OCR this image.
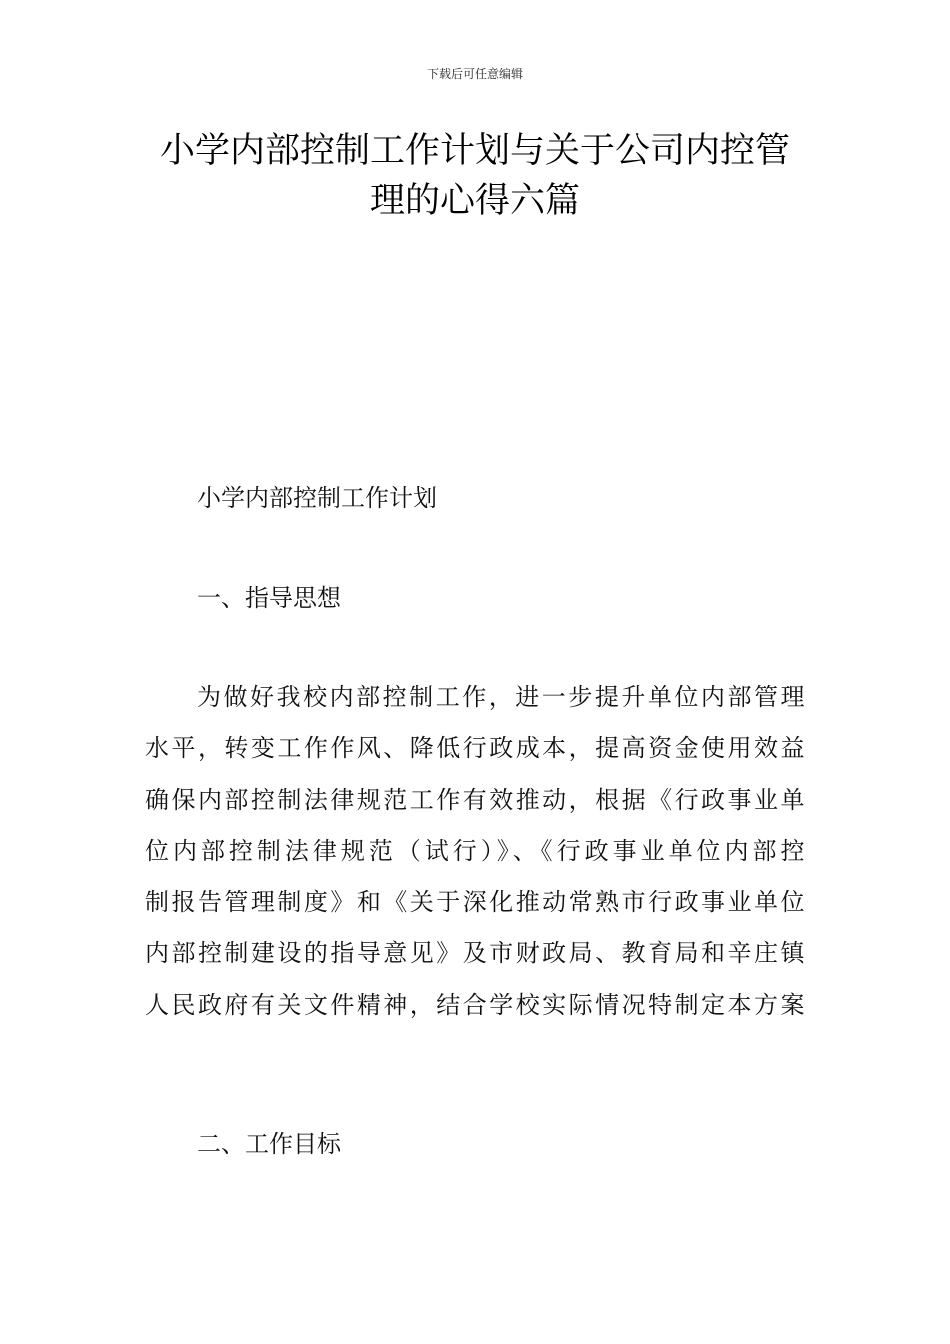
下载后可任意编辑
小学内部控制工作计划与关于公司内控管
理的心得六篇

小学内部控制工作计划

一、指导思想

为做好我校内部控制工作，进一步提升单位内部管理
水平，转变工作作风、降低行政成本，提高资金使用效益
确保内部控制法律规范工作有效推动，根据《行政事业单
位内部控制法律规范（试行）》、《行政事业单位内部控
制报告管理制度》和《关于深化推动常熟市行政事业单位
内部控制建设的指导意见》及市财政局、教育局和辛庄镇
人民政府有关文件精神，结合学校实际情况特制定本方案

二、工作目标
